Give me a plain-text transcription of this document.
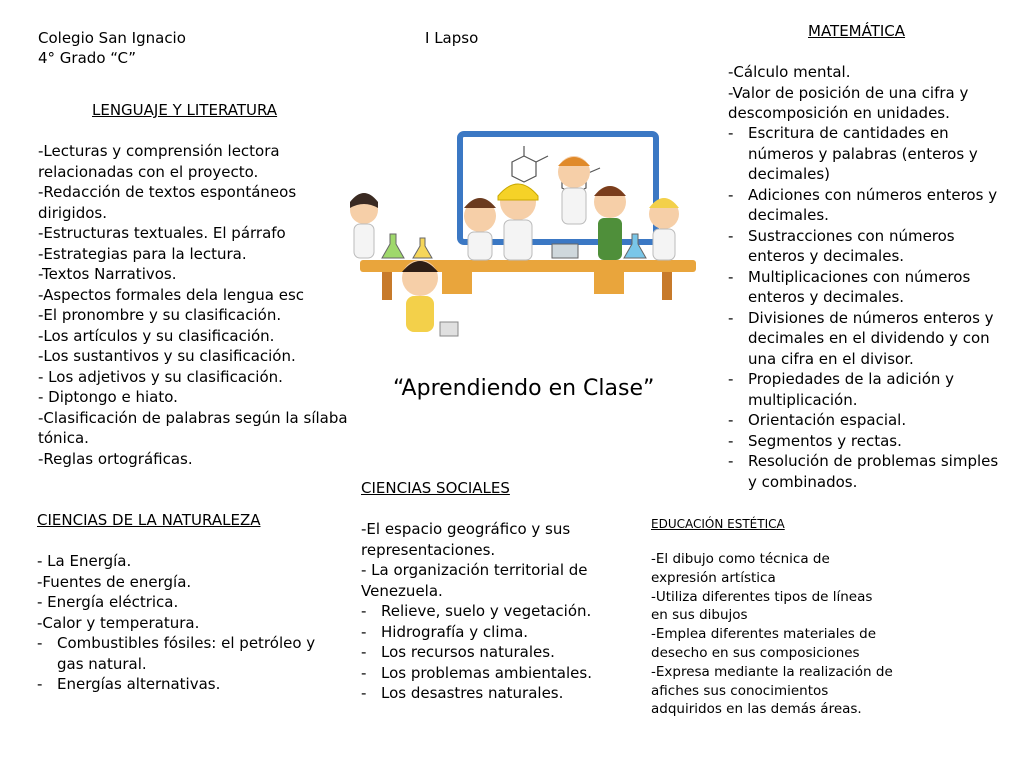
Colegio San Ignacio
4° Grado “C”
I Lapso
LENGUAJE Y LITERATURA
-Lecturas y comprensión lectora
relacionadas con el proyecto.
-Redacción de textos espontáneos
dirigidos.
-Estructuras textuales. El párrafo
-Estrategias para la lectura.
-Textos Narrativos.
-Aspectos formales dela lengua esc
-El pronombre y su clasificación.
-Los artículos y su clasificación.
-Los sustantivos y su clasificación.
- Los adjetivos y su clasificación.
- Diptongo e hiato.
-Clasificación de palabras según la sílaba
tónica.
-Reglas ortográficas.
“Aprendiendo en Clase”
MATEMÁTICA
-Cálculo mental.
-Valor de posición de una cifra y
descomposición en unidades.
- Escritura de cantidades en números y palabras (enteros y decimales)
- Adiciones con números enteros y decimales.
- Sustracciones con números enteros y decimales.
- Multiplicaciones con números enteros y decimales.
- Divisiones de números enteros y decimales en el dividendo y con una cifra en el divisor.
- Propiedades de la adición y multiplicación.
- Orientación espacial.
- Segmentos y rectas.
- Resolución de problemas simples y combinados.
CIENCIAS DE LA NATURALEZA
- La Energía.
-Fuentes de energía.
- Energía eléctrica.
-Calor y temperatura.
- Combustibles fósiles: el petróleo y gas natural.
- Energías alternativas.
CIENCIAS SOCIALES
-El espacio geográfico y sus
representaciones.
- La organización territorial de
Venezuela.
- Relieve, suelo y vegetación.
- Hidrografía y clima.
- Los recursos naturales.
- Los problemas ambientales.
- Los desastres naturales.
EDUCACIÓN ESTÉTICA
-El dibujo como técnica de
expresión artística
-Utiliza diferentes tipos de líneas
en sus dibujos
-Emplea diferentes materiales de
desecho en sus composiciones
-Expresa mediante la realización de
afiches sus conocimientos
adquiridos en las demás áreas.
